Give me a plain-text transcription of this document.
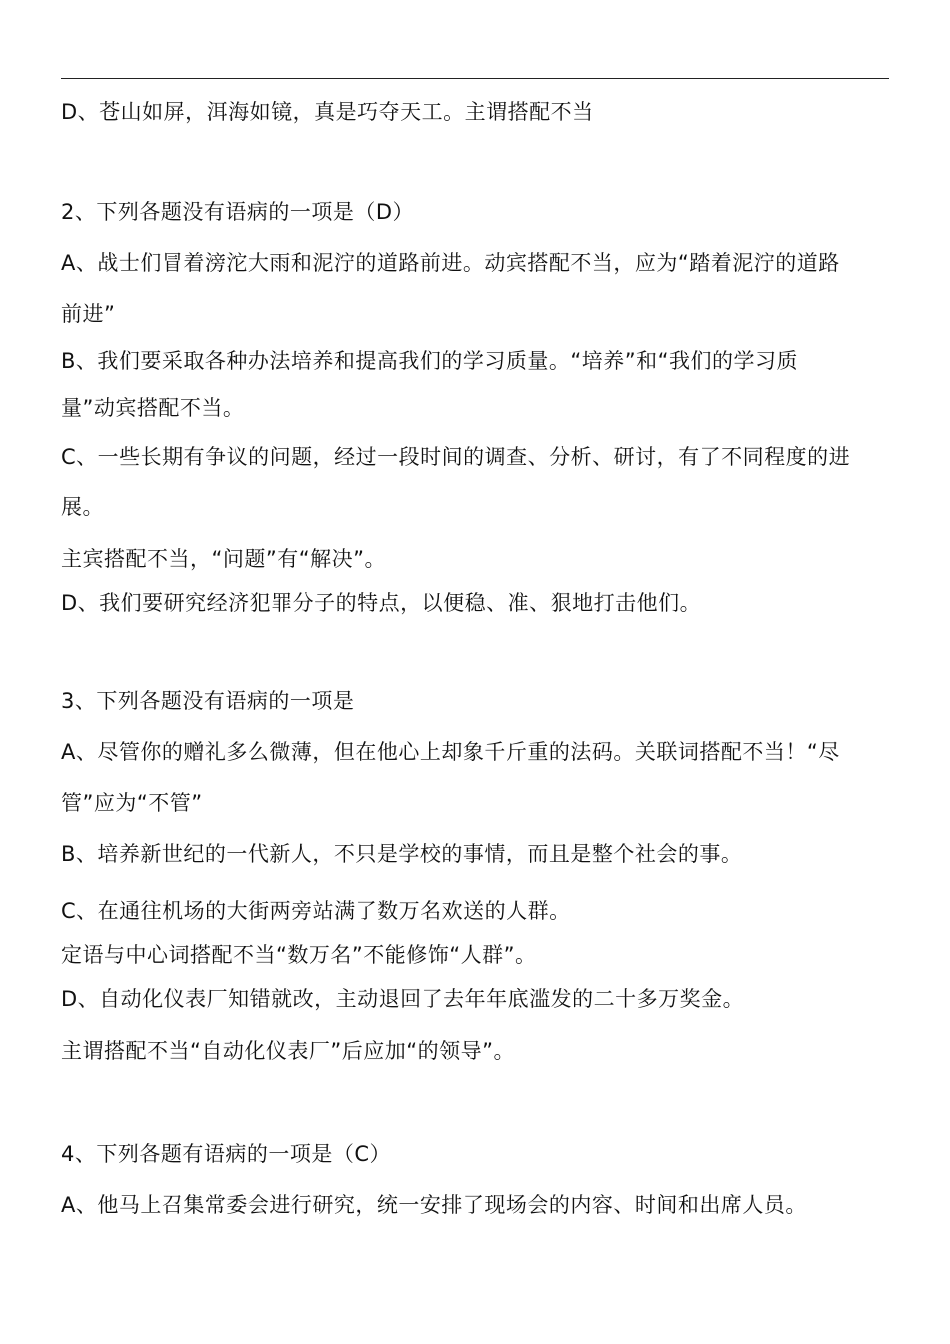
D、苍山如屏，洱海如镜，真是巧夺天工。主谓搭配不当
2、下列各题没有语病的一项是（D）
A、战士们冒着滂沱大雨和泥泞的道路前进。动宾搭配不当，应为“踏着泥泞的道路
前进”
B、我们要采取各种办法培养和提高我们的学习质量。“培养”和“我们的学习质
量”动宾搭配不当。
C、一些长期有争议的问题，经过一段时间的调查、分析、研讨，有了不同程度的进
展。
主宾搭配不当，“问题”有“解决”。
D、我们要研究经济犯罪分子的特点，以便稳、准、狠地打击他们。
3、下列各题没有语病的一项是
A、尽管你的赠礼多么微薄，但在他心上却象千斤重的法码。关联词搭配不当！“尽
管”应为“不管”
B、培养新世纪的一代新人，不只是学校的事情，而且是整个社会的事。
C、在通往机场的大街两旁站满了数万名欢送的人群。
定语与中心词搭配不当“数万名”不能修饰“人群”。
D、自动化仪表厂知错就改，主动退回了去年年底滥发的二十多万奖金。
主谓搭配不当“自动化仪表厂”后应加“的领导”。
4、下列各题有语病的一项是（C）
A、他马上召集常委会进行研究，统一安排了现场会的内容、时间和出席人员。
